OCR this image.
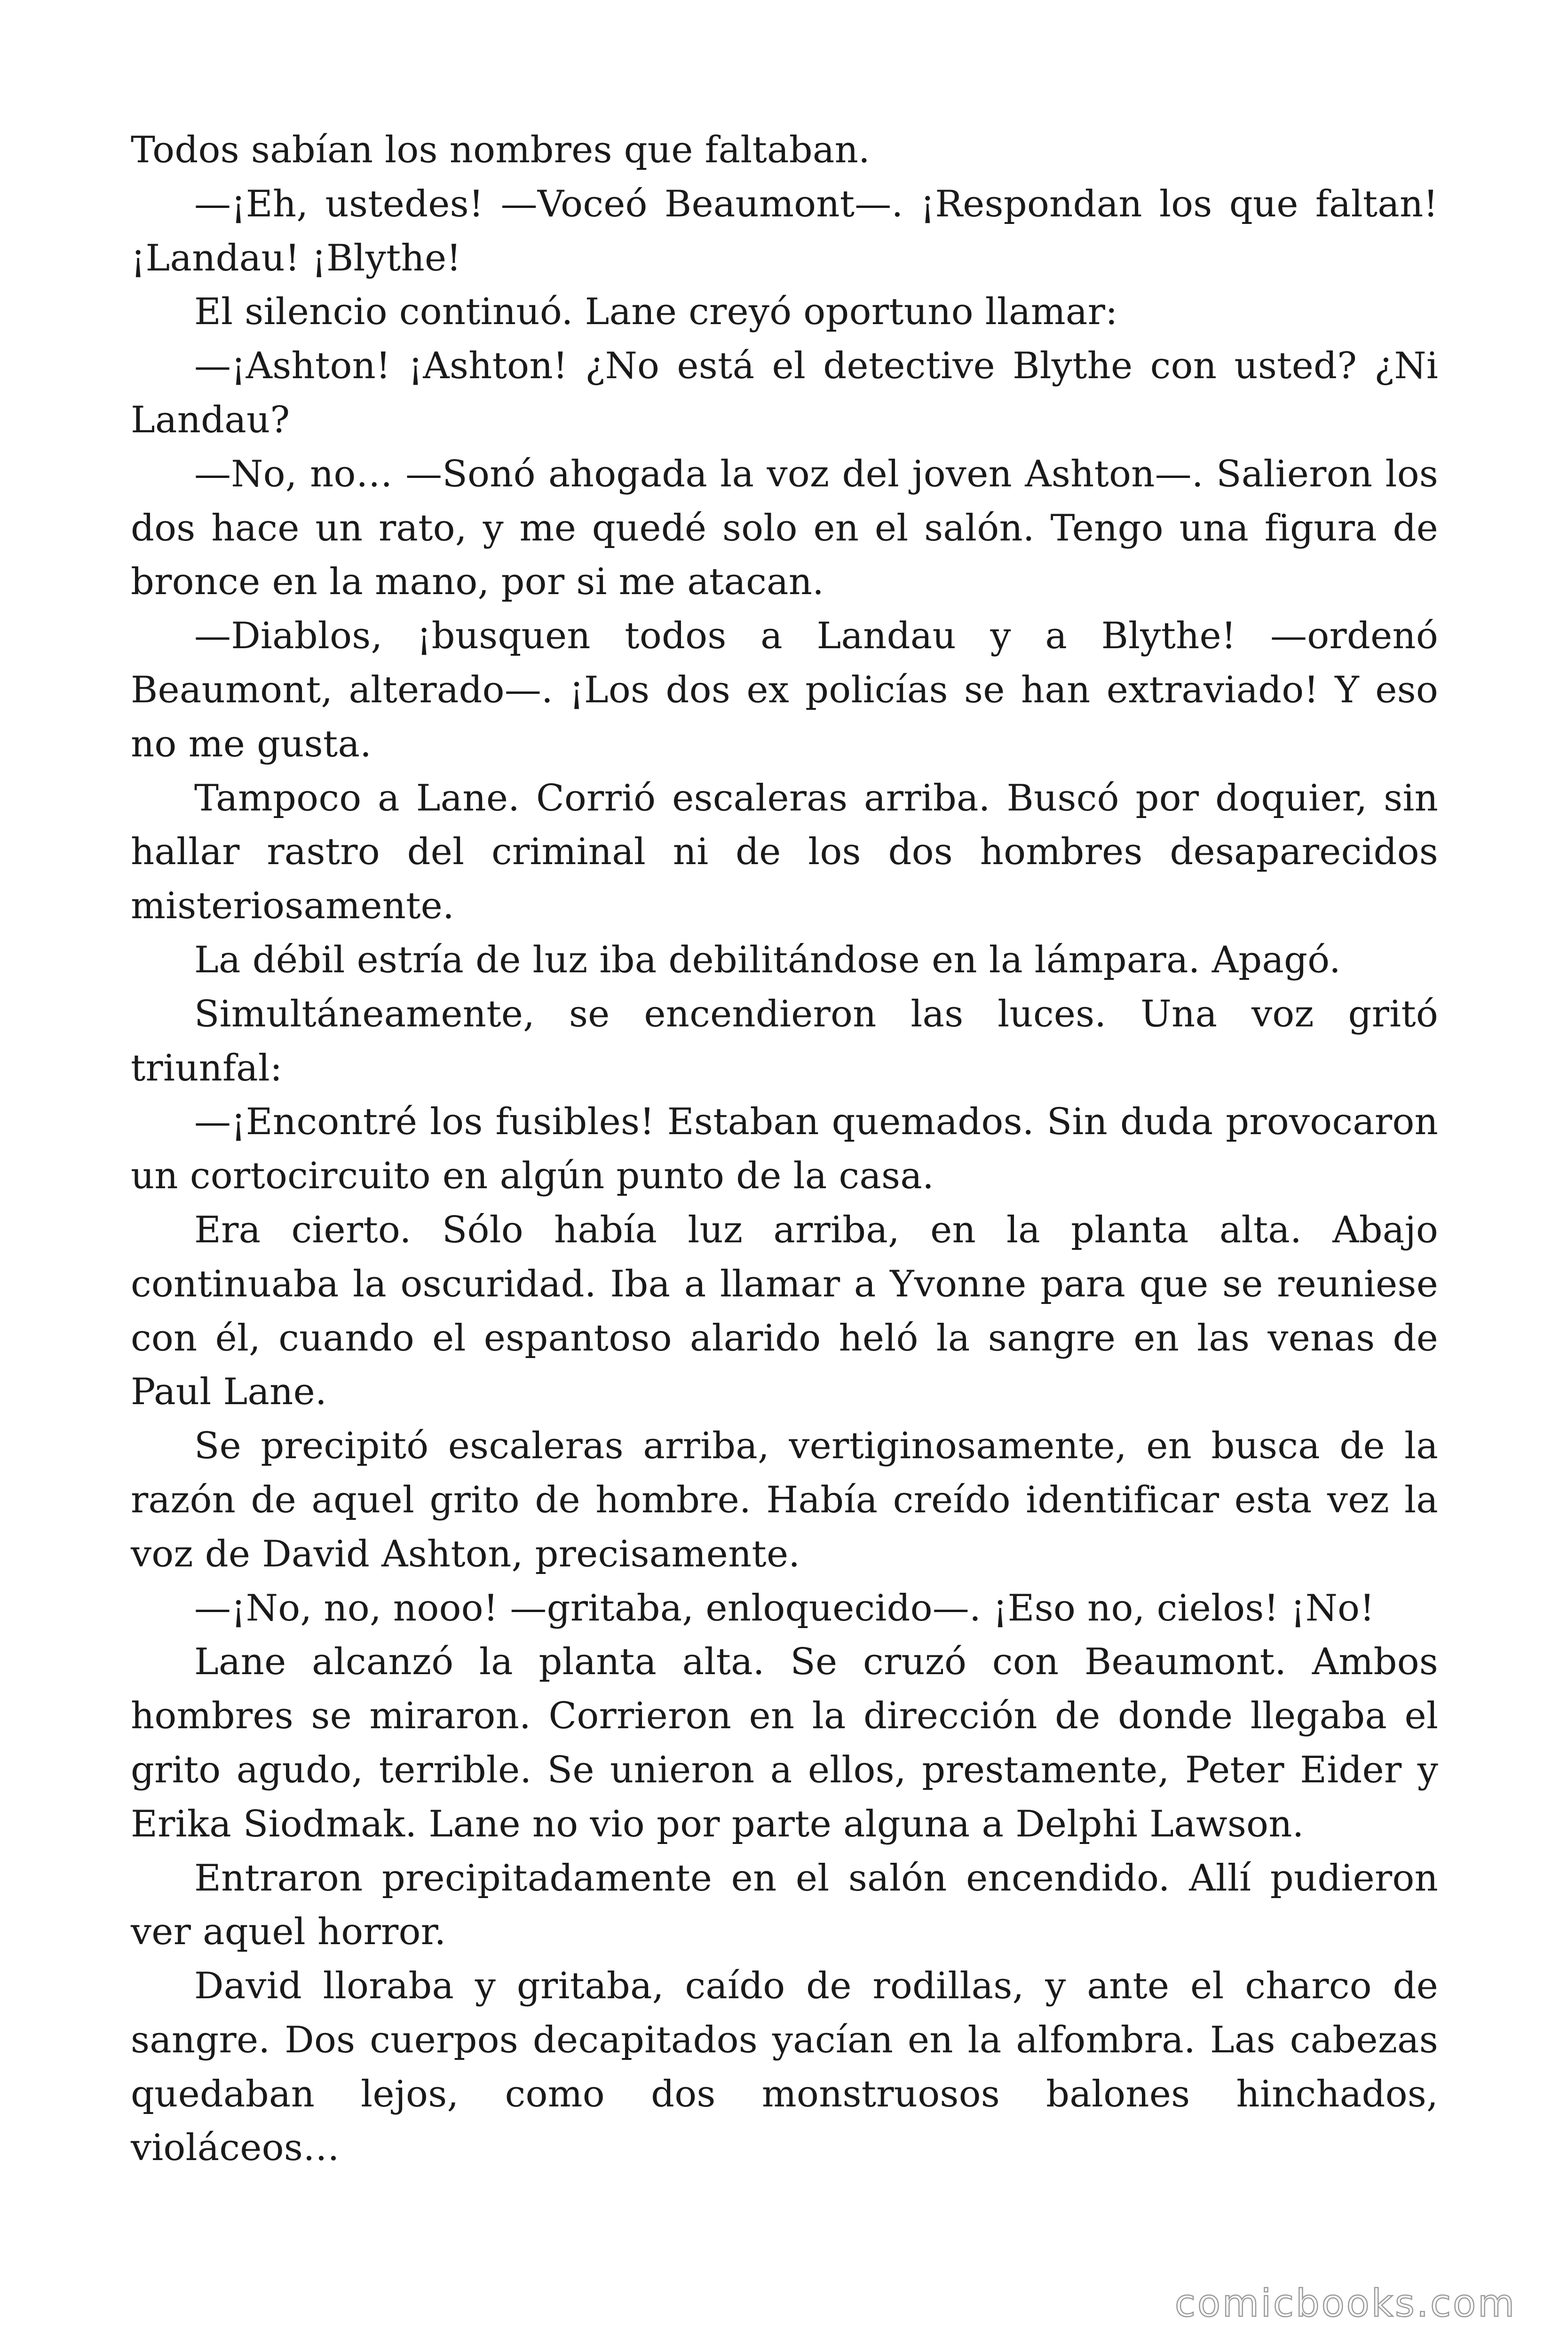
Todos sabían los nombres que faltaban.

—¡Eh, ustedes! —Voceó Beaumont—. ¡Respondan los que faltan! ¡Landau! ¡Blythe!

El silencio continuó. Lane creyó oportuno llamar:

—¡Ashton! ¡Ashton! ¿No está el detective Blythe con usted? ¿Ni Landau?

—No, no… —Sonó ahogada la voz del joven Ashton—. Salieron los dos hace un rato, y me quedé solo en el salón. Tengo una figura de bronce en la mano, por si me atacan.

—Diablos, ¡busquen todos a Landau y a Blythe! —ordenó Beaumont, alterado—. ¡Los dos ex policías se han extraviado! Y eso no me gusta.

Tampoco a Lane. Corrió escaleras arriba. Buscó por doquier, sin hallar rastro del criminal ni de los dos hombres desaparecidos misteriosamente.

La débil estría de luz iba debilitándose en la lámpara. Apagó.

Simultáneamente, se encendieron las luces. Una voz gritó triunfal:

—¡Encontré los fusibles! Estaban quemados. Sin duda provocaron un cortocircuito en algún punto de la casa.

Era cierto. Sólo había luz arriba, en la planta alta. Abajo continuaba la oscuridad. Iba a llamar a Yvonne para que se reuniese con él, cuando el espantoso alarido heló la sangre en las venas de Paul Lane.

Se precipitó escaleras arriba, vertiginosamente, en busca de la razón de aquel grito de hombre. Había creído identificar esta vez la voz de David Ashton, precisamente.

—¡No, no, nooo! —gritaba, enloquecido—. ¡Eso no, cielos! ¡No!

Lane alcanzó la planta alta. Se cruzó con Beaumont. Ambos hombres se miraron. Corrieron en la dirección de donde llegaba el grito agudo, terrible. Se unieron a ellos, prestamente, Peter Eider y Erika Siodmak. Lane no vio por parte alguna a Delphi Lawson.

Entraron precipitadamente en el salón encendido. Allí pudieron ver aquel horror.

David lloraba y gritaba, caído de rodillas, y ante el charco de sangre. Dos cuerpos decapitados yacían en la alfombra. Las cabezas quedaban lejos, como dos monstruosos balones hinchados, violáceos…

comicbooks.com
